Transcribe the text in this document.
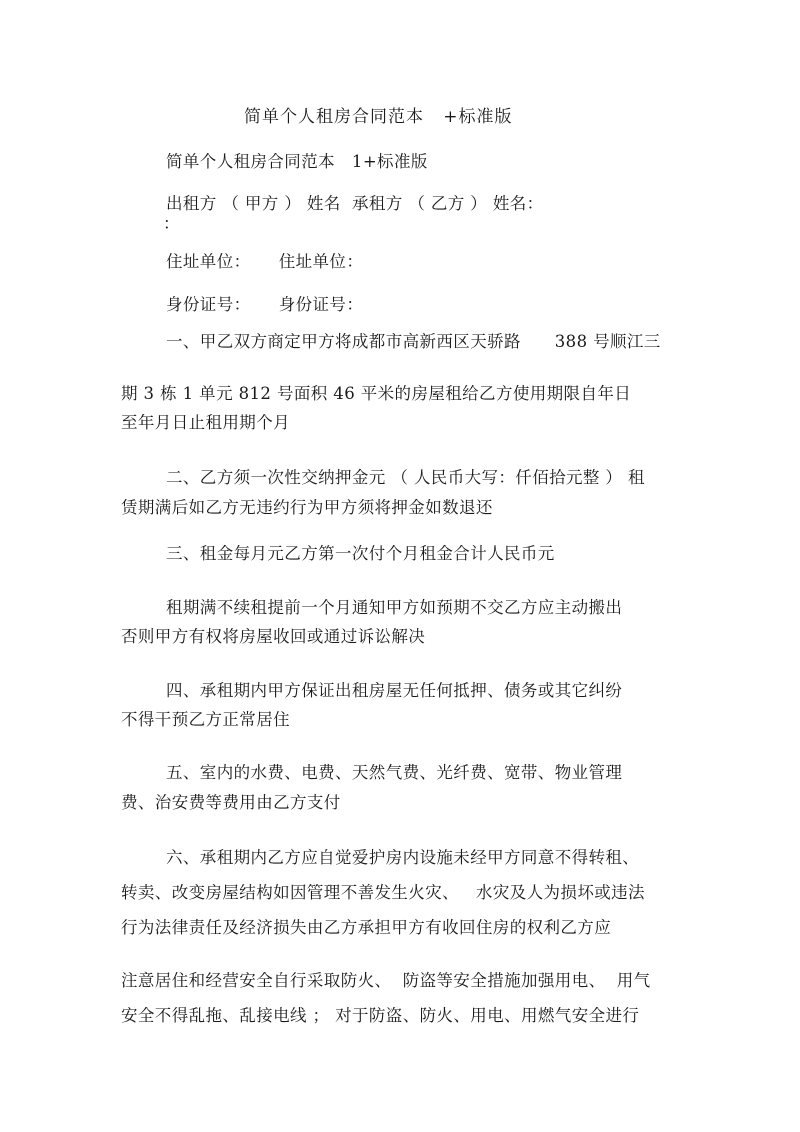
简单个人租房合同范本   +标准版
简单个人租房合同范本   1+标准版
出租方 （ 甲方 ） 姓名  承租方 （ 乙方 ） 姓名：
：
住址单位：     住址单位：
身份证号：     身份证号：
一、甲乙双方商定甲方将成都市高新西区天骄路      388 号顺江三
期 3 栋 1 单元 812 号面积 46 平米的房屋租给乙方使用期限自年日
至年月日止租用期个月
二、乙方须一次性交纳押金元 （ 人民币大写：仟佰拾元整 ） 租
赁期满后如乙方无违约行为甲方须将押金如数退还
三、租金每月元乙方第一次付个月租金合计人民币元
租期满不续租提前一个月通知甲方如预期不交乙方应主动搬出
否则甲方有权将房屋收回或通过诉讼解决
四、承租期内甲方保证出租房屋无任何抵押、债务或其它纠纷
不得干预乙方正常居住
五、室内的水费、电费、天然气费、光纤费、宽带、物业管理
费、治安费等费用由乙方支付
六、承租期内乙方应自觉爱护房内设施未经甲方同意不得转租、
转卖、改变房屋结构如因管理不善发生火灾、   水灾及人为损坏或违法
行为法律责任及经济损失由乙方承担甲方有收回住房的权利乙方应
注意居住和经营安全自行采取防火、  防盗等安全措施加强用电、  用气
安全不得乱拖、乱接电线 ； 对于防盗、防火、用电、用燃气安全进行
